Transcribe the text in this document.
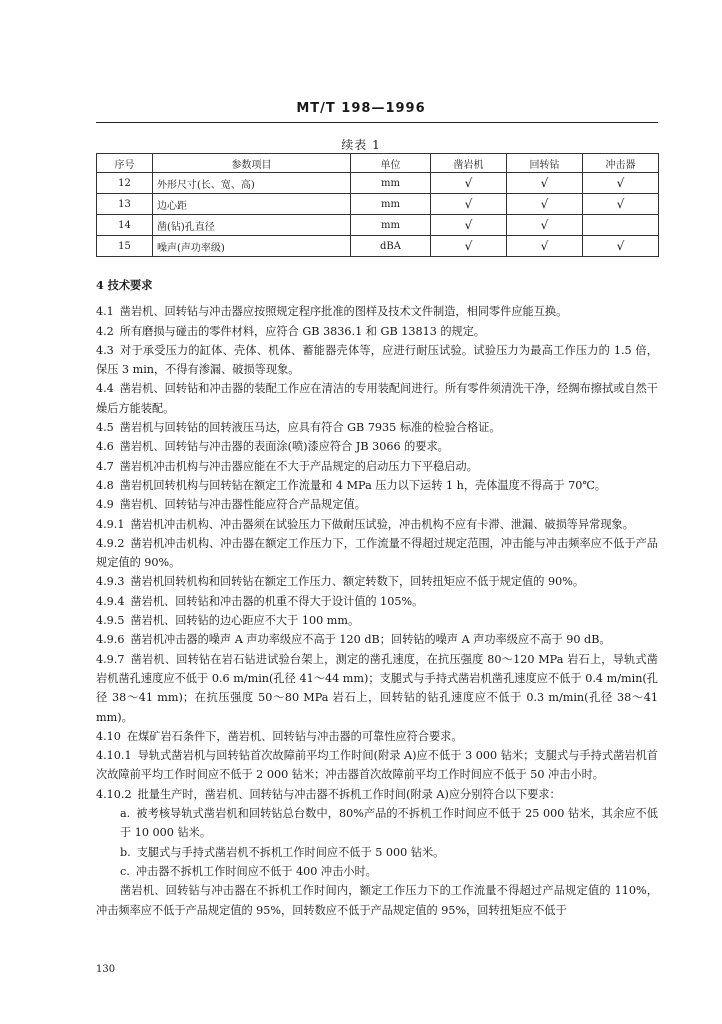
MT/T 198—1996
续表 1
序号	参数项目	单位	凿岩机	回转钻	冲击器
12	外形尺寸(长、宽、高)	mm	√	√	√
13	边心距	mm	√	√	√
14	凿(钻)孔直径	mm	√	√	
15	噪声(声功率级)	dBA	√	√	√
4 技术要求

4.1 凿岩机、回转钻与冲击器应按照规定程序批准的图样及技术文件制造，相同零件应能互换。

4.2 所有磨损与碰击的零件材料，应符合 GB 3836.1 和 GB 13813 的规定。

4.3 对于承受压力的缸体、壳体、机体、蓄能器壳体等，应进行耐压试验。试验压力为最高工作压力的 1.5 倍，保压 3 min，不得有渗漏、破损等现象。

4.4 凿岩机、回转钻和冲击器的装配工作应在清洁的专用装配间进行。所有零件须清洗干净，经绸布擦拭或自然干燥后方能装配。

4.5 凿岩机与回转钻的回转液压马达，应具有符合 GB 7935 标准的检验合格证。

4.6 凿岩机、回转钻与冲击器的表面涂(喷)漆应符合 JB 3066 的要求。

4.7 凿岩机冲击机构与冲击器应能在不大于产品规定的启动压力下平稳启动。

4.8 凿岩机回转机构与回转钻在额定工作流量和 4 MPa 压力以下运转 1 h，壳体温度不得高于 70℃。

4.9 凿岩机、回转钻与冲击器性能应符合产品规定值。

4.9.1 凿岩机冲击机构、冲击器须在试验压力下做耐压试验，冲击机构不应有卡滞、泄漏、破损等异常现象。

4.9.2 凿岩机冲击机构、冲击器在额定工作压力下，工作流量不得超过规定范围，冲击能与冲击频率应不低于产品规定值的 90%。

4.9.3 凿岩机回转机构和回转钻在额定工作压力、额定转数下，回转扭矩应不低于规定值的 90%。

4.9.4 凿岩机、回转钻和冲击器的机重不得大于设计值的 105%。

4.9.5 凿岩机、回转钻的边心距应不大于 100 mm。

4.9.6 凿岩机冲击器的噪声 A 声功率级应不高于 120 dB；回转钻的噪声 A 声功率级应不高于 90 dB。

4.9.7 凿岩机、回转钻在岩石钻进试验台架上，测定的凿孔速度，在抗压强度 80～120 MPa 岩石上，导轨式凿岩机凿孔速度应不低于 0.6 m/min(孔径 41～44 mm)；支腿式与手持式凿岩机凿孔速度应不低于 0.4 m/min(孔径 38～41 mm)；在抗压强度 50～80 MPa 岩石上，回转钻的钻孔速度应不低于 0.3 m/min(孔径 38～41 mm)。

4.10 在煤矿岩石条件下，凿岩机、回转钻与冲击器的可靠性应符合要求。

4.10.1 导轨式凿岩机与回转钻首次故障前平均工作时间(附录 A)应不低于 3 000 钻米；支腿式与手持式凿岩机首次故障前平均工作时间应不低于 2 000 钻米；冲击器首次故障前平均工作时间应不低于 50 冲击小时。

4.10.2 批量生产时，凿岩机、回转钻与冲击器不拆机工作时间(附录 A)应分别符合以下要求：

a. 被考核导轨式凿岩机和回转钻总台数中，80%产品的不拆机工作时间应不低于 25 000 钻米，其余应不低于 10 000 钻米。

b. 支腿式与手持式凿岩机不拆机工作时间应不低于 5 000 钻米。

c. 冲击器不拆机工作时间应不低于 400 冲击小时。

凿岩机、回转钻与冲击器在不拆机工作时间内，额定工作压力下的工作流量不得超过产品规定值的 110%，冲击频率应不低于产品规定值的 95%，回转数应不低于产品规定值的 95%，回转扭矩应不低于

130
